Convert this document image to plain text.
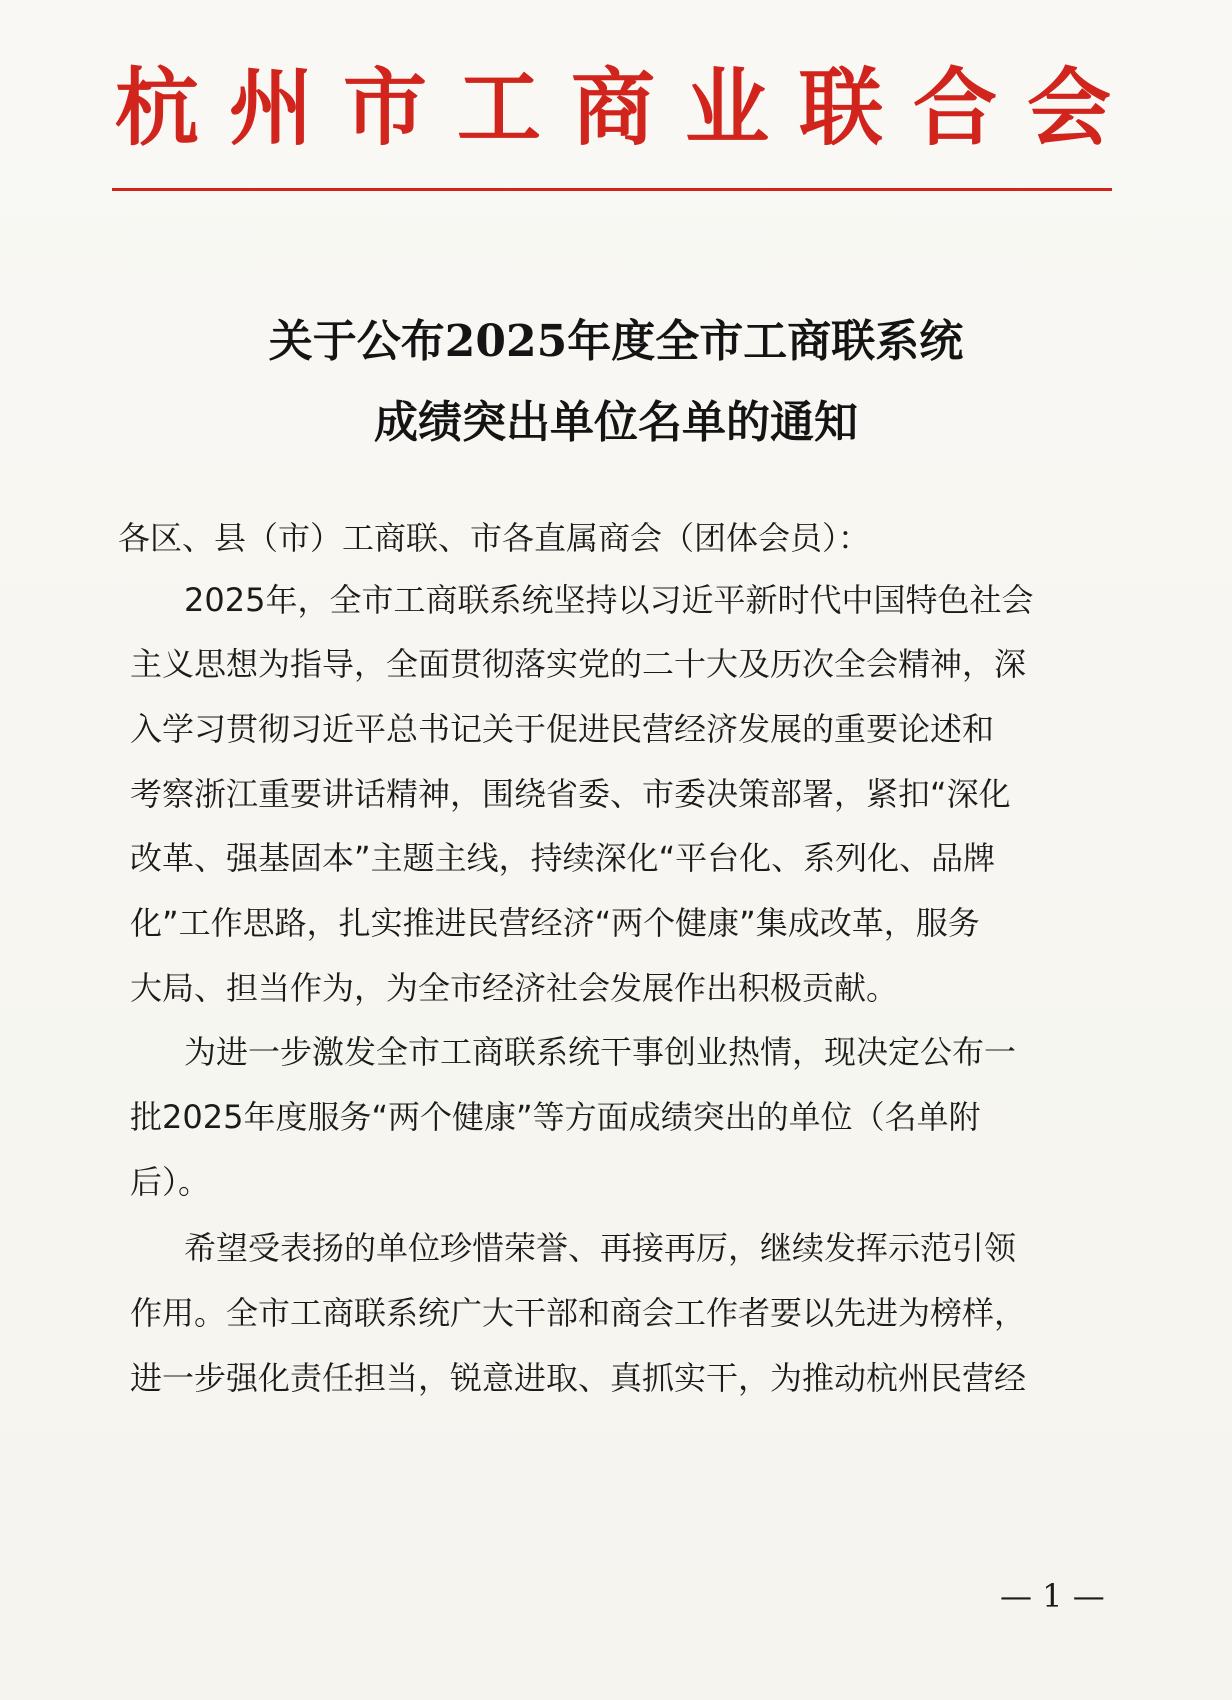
杭州市工商业联合会
关于公布2025年度全市工商联系统
成绩突出单位名单的通知
各区、县（市）工商联、市各直属商会（团体会员）：
2025年，全市工商联系统坚持以习近平新时代中国特色社会
主义思想为指导，全面贯彻落实党的二十大及历次全会精神，深
入学习贯彻习近平总书记关于促进民营经济发展的重要论述和
考察浙江重要讲话精神，围绕省委、市委决策部署，紧扣“深化
改革、强基固本”主题主线，持续深化“平台化、系列化、品牌
化”工作思路，扎实推进民营经济“两个健康”集成改革，服务
大局、担当作为，为全市经济社会发展作出积极贡献。
为进一步激发全市工商联系统干事创业热情，现决定公布一
批2025年度服务“两个健康”等方面成绩突出的单位（名单附
后）。
希望受表扬的单位珍惜荣誉、再接再厉，继续发挥示范引领
作用。全市工商联系统广大干部和商会工作者要以先进为榜样，
进一步强化责任担当，锐意进取、真抓实干，为推动杭州民营经
— 1 —
